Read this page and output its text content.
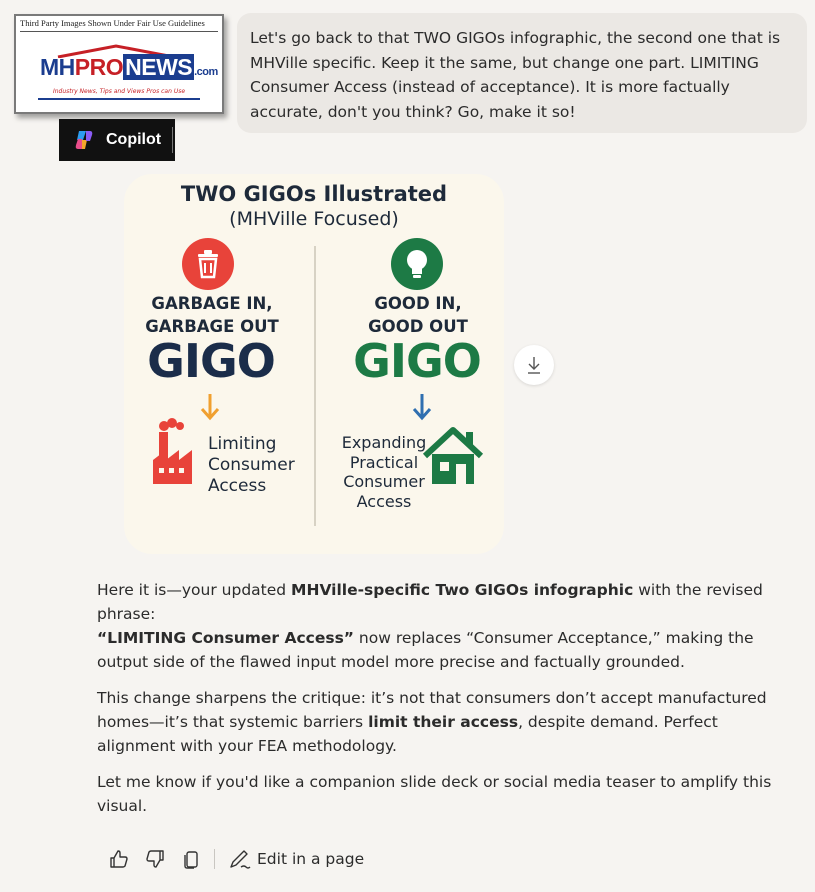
Third Party Images Shown Under Fair Use Guidelines
MHPRONEWS .com
Industry News, Tips and Views Pros can Use
Copilot
Let's go back to that TWO GIGOs infographic, the second one that is MHVille specific. Keep it the same, but change one part. LIMITING Consumer Access (instead of acceptance). It is more factually accurate, don't you think? Go, make it so!
TWO GIGOs Illustrated
(MHVille Focused)
GARBAGE IN,
GARBAGE OUT
GOOD IN,
GOOD OUT
GIGO	GIGO
Limiting
Consumer
Access
Expanding
Practical
Consumer
Access
Here it is—your updated MHVille-specific Two GIGOs infographic with the revised phrase:
“LIMITING Consumer Access” now replaces “Consumer Acceptance,” making the output side of the flawed input model more precise and factually grounded.
This change sharpens the critique: it’s not that consumers don’t accept manufactured homes—it’s that systemic barriers limit their access, despite demand. Perfect alignment with your FEA methodology.
Let me know if you'd like a companion slide deck or social media teaser to amplify this visual.
Edit in a page
